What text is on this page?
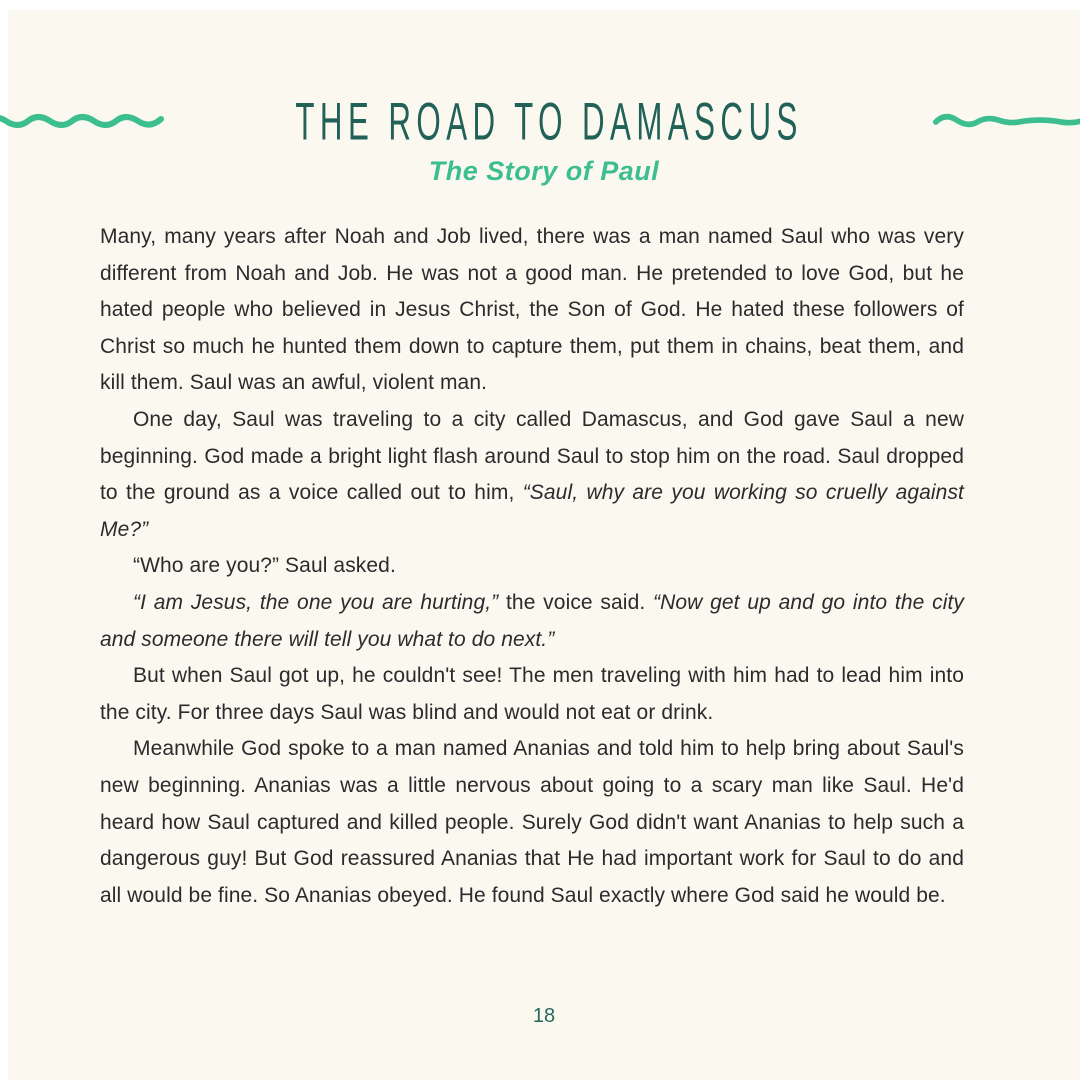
THE ROAD TO DAMASCUS
The Story of Paul

Many, many years after Noah and Job lived, there was a man named Saul who was very different from Noah and Job. He was not a good man. He pretended to love God, but he hated people who believed in Jesus Christ, the Son of God. He hated these followers of Christ so much he hunted them down to capture them, put them in chains, beat them, and kill them. Saul was an awful, violent man.

One day, Saul was traveling to a city called Damascus, and God gave Saul a new beginning. God made a bright light flash around Saul to stop him on the road. Saul dropped to the ground as a voice called out to him, “Saul, why are you working so cruelly against Me?”

“Who are you?” Saul asked.

“I am Jesus, the one you are hurting,” the voice said. “Now get up and go into the city and someone there will tell you what to do next.”

But when Saul got up, he couldn't see! The men traveling with him had to lead him into the city. For three days Saul was blind and would not eat or drink.

Meanwhile God spoke to a man named Ananias and told him to help bring about Saul's new beginning. Ananias was a little nervous about going to a scary man like Saul. He'd heard how Saul captured and killed people. Surely God didn't want Ananias to help such a dangerous guy! But God reassured Ananias that He had important work for Saul to do and all would be fine. So Ananias obeyed. He found Saul exactly where God said he would be.

18
